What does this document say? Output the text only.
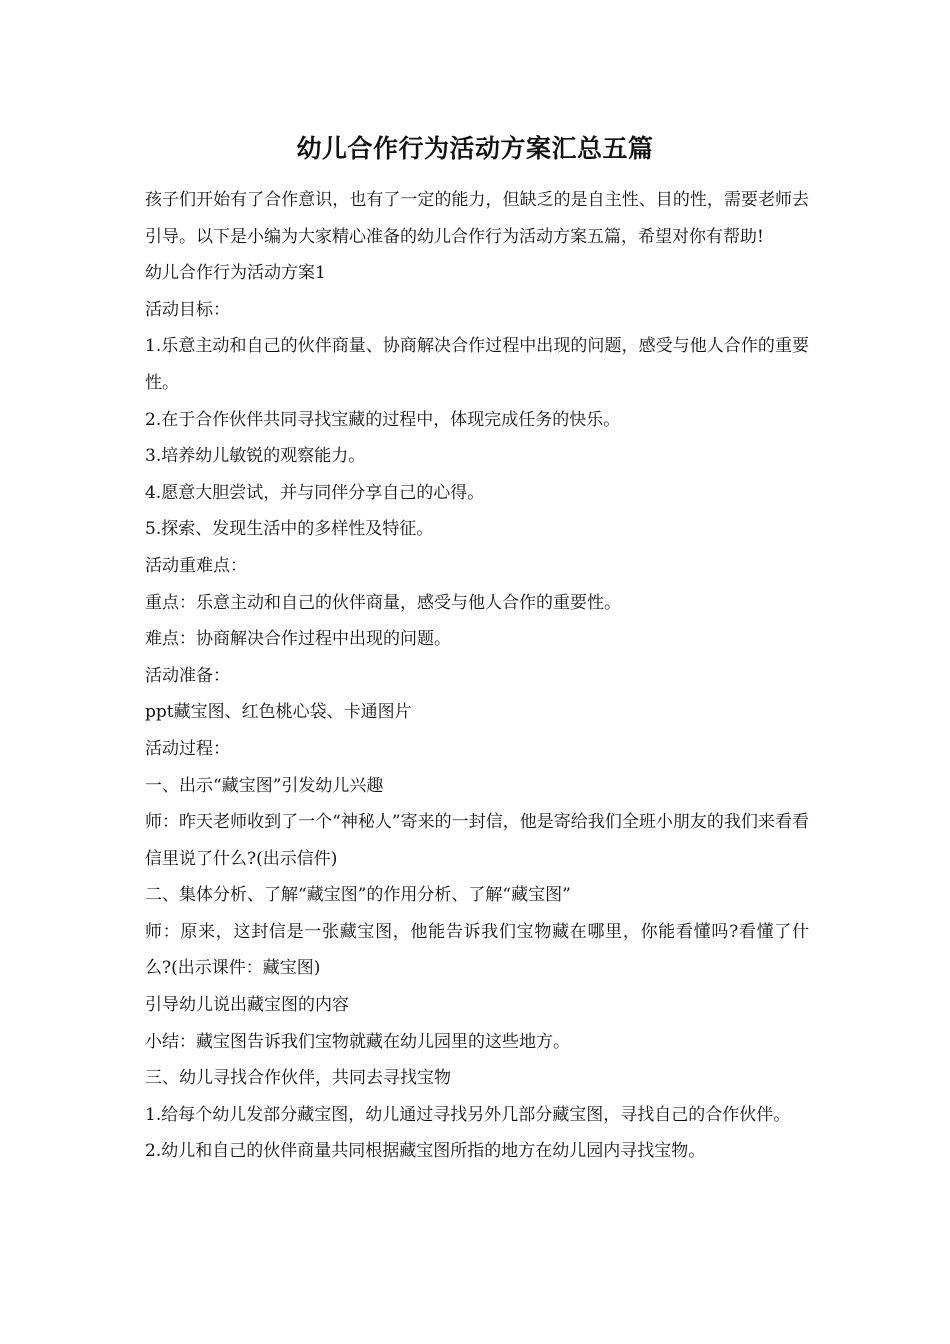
幼儿合作行为活动方案汇总五篇

孩子们开始有了合作意识，也有了一定的能力，但缺乏的是自主性、目的性，需要老师去引导。以下是小编为大家精心准备的幼儿合作行为活动方案五篇，希望对你有帮助!

幼儿合作行为活动方案1

活动目标：

1.乐意主动和自己的伙伴商量、协商解决合作过程中出现的问题，感受与他人合作的重要性。

2.在于合作伙伴共同寻找宝藏的过程中，体现完成任务的快乐。

3.培养幼儿敏锐的观察能力。

4.愿意大胆尝试，并与同伴分享自己的心得。

5.探索、发现生活中的多样性及特征。

活动重难点：

重点：乐意主动和自己的伙伴商量，感受与他人合作的重要性。

难点：协商解决合作过程中出现的问题。

活动准备：

ppt藏宝图、红色桃心袋、卡通图片

活动过程：

一、出示“藏宝图”引发幼儿兴趣

师：昨天老师收到了一个“神秘人”寄来的一封信，他是寄给我们全班小朋友的我们来看看信里说了什么?(出示信件)

二、集体分析、了解“藏宝图”的作用分析、了解“藏宝图”

师：原来，这封信是一张藏宝图，他能告诉我们宝物藏在哪里，你能看懂吗?看懂了什么?(出示课件：藏宝图)

引导幼儿说出藏宝图的内容

小结：藏宝图告诉我们宝物就藏在幼儿园里的这些地方。

三、幼儿寻找合作伙伴，共同去寻找宝物

1.给每个幼儿发部分藏宝图，幼儿通过寻找另外几部分藏宝图，寻找自己的合作伙伴。

2.幼儿和自己的伙伴商量共同根据藏宝图所指的地方在幼儿园内寻找宝物。
